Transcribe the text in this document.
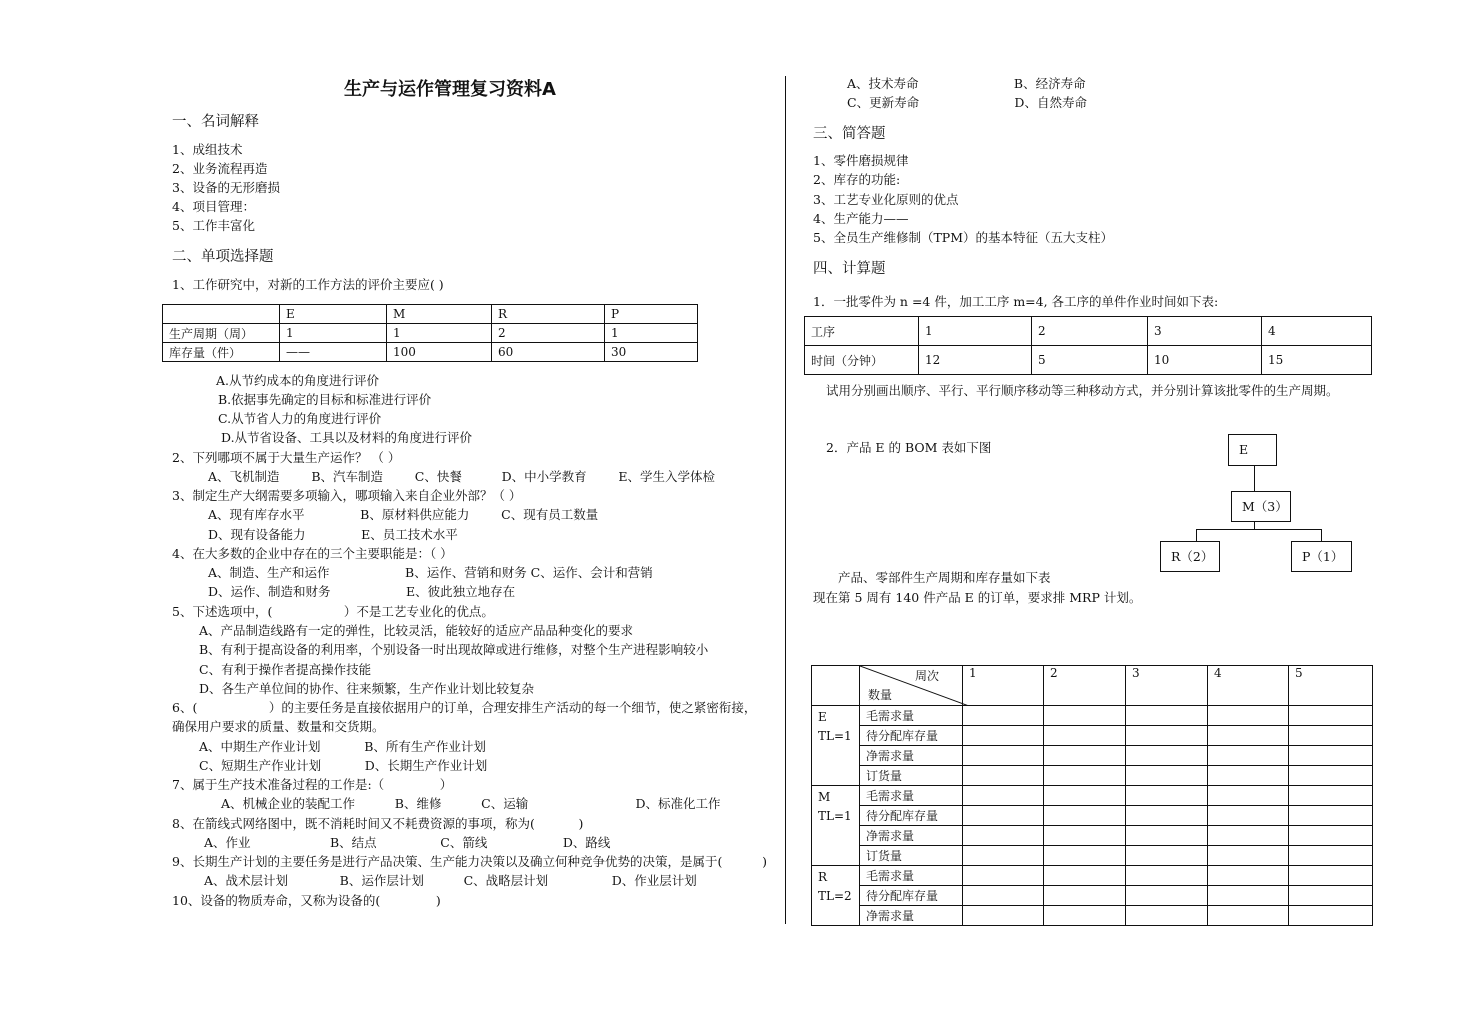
生产与运作管理复习资料A
一、名词解释
1、成组技术
2、业务流程再造
3、设备的无形磨损
4、项目管理：
5、工作丰富化
二、单项选择题
1、工作研究中，对新的工作方法的评价主要应( )
	E	M	R	P
生产周期（周）	1	1	2	1
库存量（件）	——	100	60	30
A.从节约成本的角度进行评价
B.依据事先确定的目标和标准进行评价
C.从节省人力的角度进行评价
D.从节省设备、工具以及材料的角度进行评价
2、下列哪项不属于大量生产运作？ （ ）
A、飞机制造        B、汽车制造        C、快餐          D、中小学教育        E、学生入学体检
3、制定生产大纲需要多项输入，哪项输入来自企业外部？（ ）
A、现有库存水平              B、原材料供应能力        C、现有员工数量
D、现有设备能力              E、员工技术水平
4、在大多数的企业中存在的三个主要职能是：（ ）
A、制造、生产和运作                   B、运作、营销和财务 C、运作、会计和营销
D、运作、制造和财务                   E、彼此独立地存在
5、下述选项中，(                  ）不是工艺专业化的优点。
A、产品制造线路有一定的弹性，比较灵活，能较好的适应产品品种变化的要求
B、有利于提高设备的利用率，个别设备一时出现故障或进行维修，对整个生产进程影响较小
C、有利于操作者提高操作技能
D、各生产单位间的协作、往来频繁，生产作业计划比较复杂
6、(                  ）的主要任务是直接依据用户的订单，合理安排生产活动的每一个细节，使之紧密衔接，
确保用户要求的质量、数量和交货期。
A、中期生产作业计划           B、所有生产作业计划
C、短期生产作业计划           D、长期生产作业计划
7、属于生产技术准备过程的工作是:（              ）
A、机械企业的装配工作          B、维修          C、运输                           D、标准化工作
8、在箭线式网络图中，既不消耗时间又不耗费资源的事项，称为(           )
A、作业                    B、结点                C、箭线                   D、路线
9、长期生产计划的主要任务是进行产品决策、生产能力决策以及确立何种竞争优势的决策，是属于(          )
A、战术层计划             B、运作层计划          C、战略层计划                D、作业层计划
10、设备的物质寿命，又称为设备的(              )
A、技术寿命                        B、经济寿命
C、更新寿命                        D、自然寿命
三、简答题
1、零件磨损规律
2、库存的功能:
3、工艺专业化原则的优点
4、生产能力——
5、全员生产维修制（TPM）的基本特征（五大支柱）
四、计算题
1．一批零件为 n =4 件，加工工序 m=4, 各工序的单件作业时间如下表:
工序	1	2	3	4
时间（分钟）	12	5	10	15
试用分别画出顺序、平行、平行顺序移动等三种移动方式，并分别计算该批零件的生产周期。
2．产品 E 的 BOM 表如下图	E
M（3）
R（2）	P（1）
产品、零部件生产周期和库存量如下表
现在第 5 周有 140 件产品 E 的订单，要求排 MRP 计划。

	周次
数量	1	2	3	4	5
E
TL=1	毛需求量					
	待分配库存量					
	净需求量					
	订货量					
M
TL=1	毛需求量					
	待分配库存量					
	净需求量					
	订货量					
R
TL=2	毛需求量					
	待分配库存量					
	净需求量					
